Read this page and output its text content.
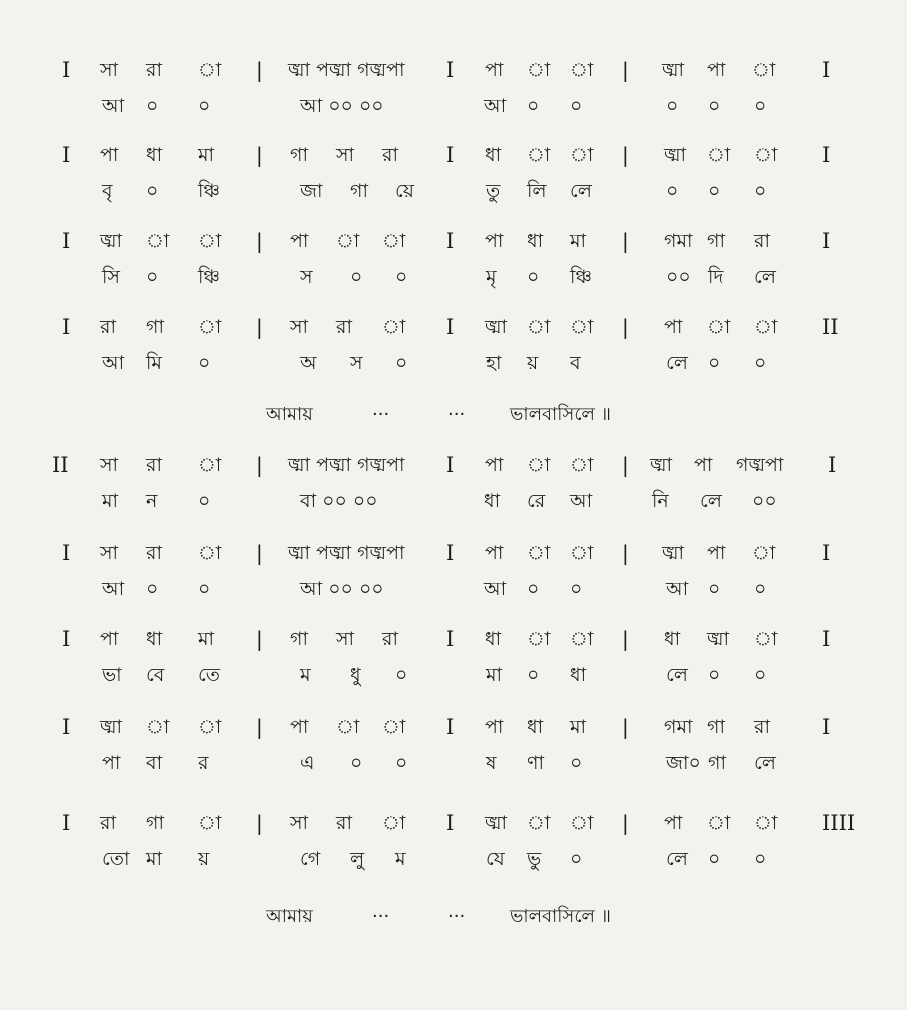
I সা রা া | ঙ্মা পঙ্মা গঙ্মপা I পা া া | ঙ্মা পা া I
আ ০ ০	আ ০০ ০০	আ ০ ০	০ ০ ০
I পা ধা মা | গা সা রা I ধা া া | ঙ্মা া া I
বৃ ০ ঞ্চি	জা গা য়ে	তু লি লে	০ ০ ০
I ঙ্মা া া | পা া া I পা ধা মা | গমা গা রা I
সি ০ ঞ্চি	স ০ ০	মৃ ০ ঞ্চি	০০ দি লে
I রা গা া | সা রা া I ঙ্মা া া | পা া া II
আ মি ০	অ স ০	হা য় ব	লে ০ ০
আমায়	···	··· ভালবাসিলে ॥
II সা রা া | ঙ্মা পঙ্মা গঙ্মপা I পা া া | ঙ্মা পা গঙ্মপা I
মা ন ০	বা ০০ ০০	ধা রে আ	নি লে ০০
I সা রা া | ঙ্মা পঙ্মা গঙ্মপা I পা া া | ঙ্মা পা া I
আ ০ ০	আ ০০ ০০	আ ০ ০	আ ০ ০
I পা ধা মা | গা সা রা I ধা া া | ধা ঙ্মা া I
ভা বে তে	ম ধু ০	মা ০ ধা	লে ০ ০
I ঙ্মা া া | পা া া I পা ধা মা | গমা গা রা I
পা বা র	এ ০ ০	ষ ণা ০	জা০ গা লে
I রা গা া | সা রা া I ঙ্মা া া | পা া া IIII
তো মা য়	গে লু ম	যে ভু ০	লে ০ ০
আমায়	···	··· ভালবাসিলে ॥
